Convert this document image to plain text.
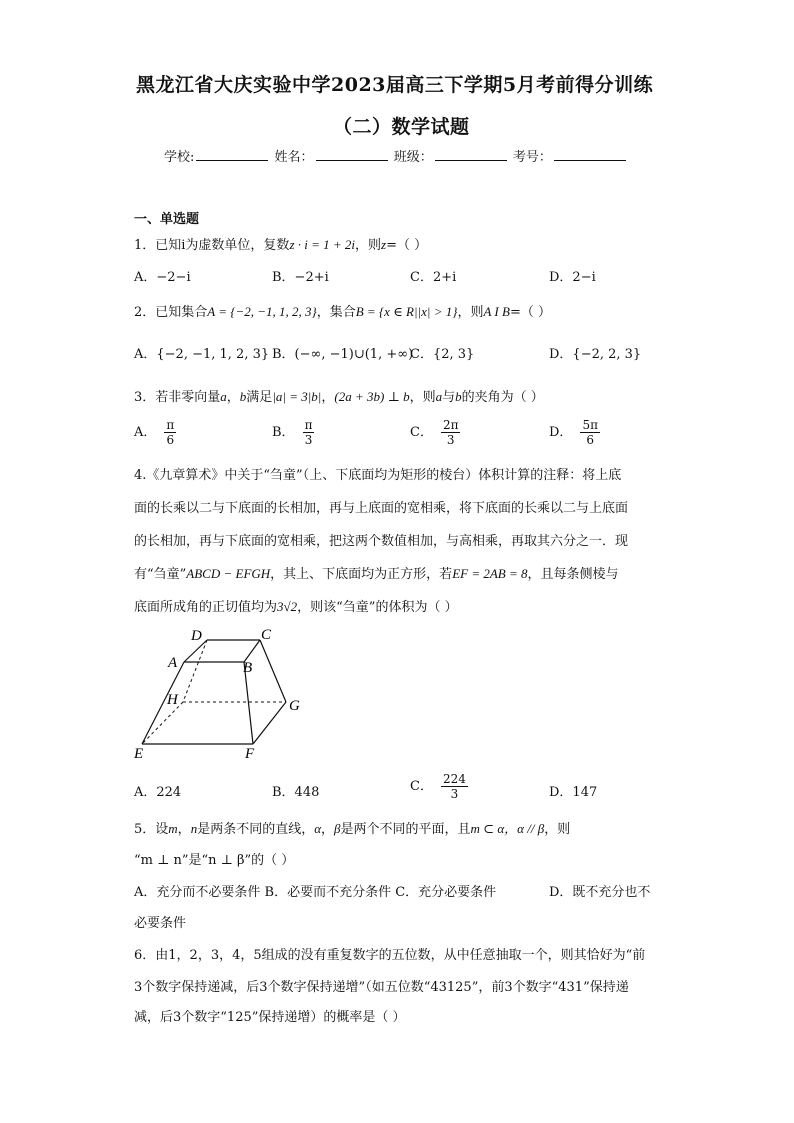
黑龙江省大庆实验中学2023届高三下学期5月考前得分训练
（二）数学试题
学校:	姓名：	班级：	考号：
一、单选题
1．已知i为虚数单位，复数z · i = 1 + 2i，则z=（ ）
A．−2−i	B．−2+i	C．2+i	D．2−i
2．已知集合A = {−2, −1, 1, 2, 3}，集合B = {x ∈ R||x| > 1}，则A I B=（ ）
A．{−2, −1, 1, 2, 3} B．(−∞, −1)∪(1, +∞)
C．{2, 3}	D．{−2, 2, 3}
3．若非零向量a，b满足|a| = 3|b|，(2a + 3b) ⊥ b，则a与b的夹角为（ ）
A． $\frac{\pi}{6}$	B． $\frac{\pi}{3}$	C． $\frac{2\pi}{3}$	D． $\frac{5\pi}{6}$
4.《九章算术》中关于“刍童”（上、下底面均为矩形的棱台）体积计算的注释：将上底
面的长乘以二与下底面的长相加，再与上底面的宽相乘，将下底面的长乘以二与上底面
的长相加，再与下底面的宽相乘，把这两个数值相加，与高相乘，再取其六分之一．现
有“刍童”ABCD − EFGH，其上、下底面均为正方形，若EF = 2AB = 8，且每条侧棱与
底面所成角的正切值均为3√2，则该“刍童”的体积为（ ）
D	C
A	B
H	G
E	F
A．224	B．448	C． $\frac{224}{3}$	D．147
5．设m，n是两条不同的直线，α，β是两个不同的平面，且m ⊂ α，α // β，则
“m ⊥ n”是“n ⊥ β”的（ ）
A．充分而不必要条件 B．必要而不充分条件 C．充分必要条件	D．既不充分也不
必要条件
6．由1，2，3，4，5组成的没有重复数字的五位数，从中任意抽取一个，则其恰好为“前
3个数字保持递减，后3个数字保持递增”（如五位数“43125”，前3个数字“431”保持递
减，后3个数字“125”保持递增）的概率是（ ）
